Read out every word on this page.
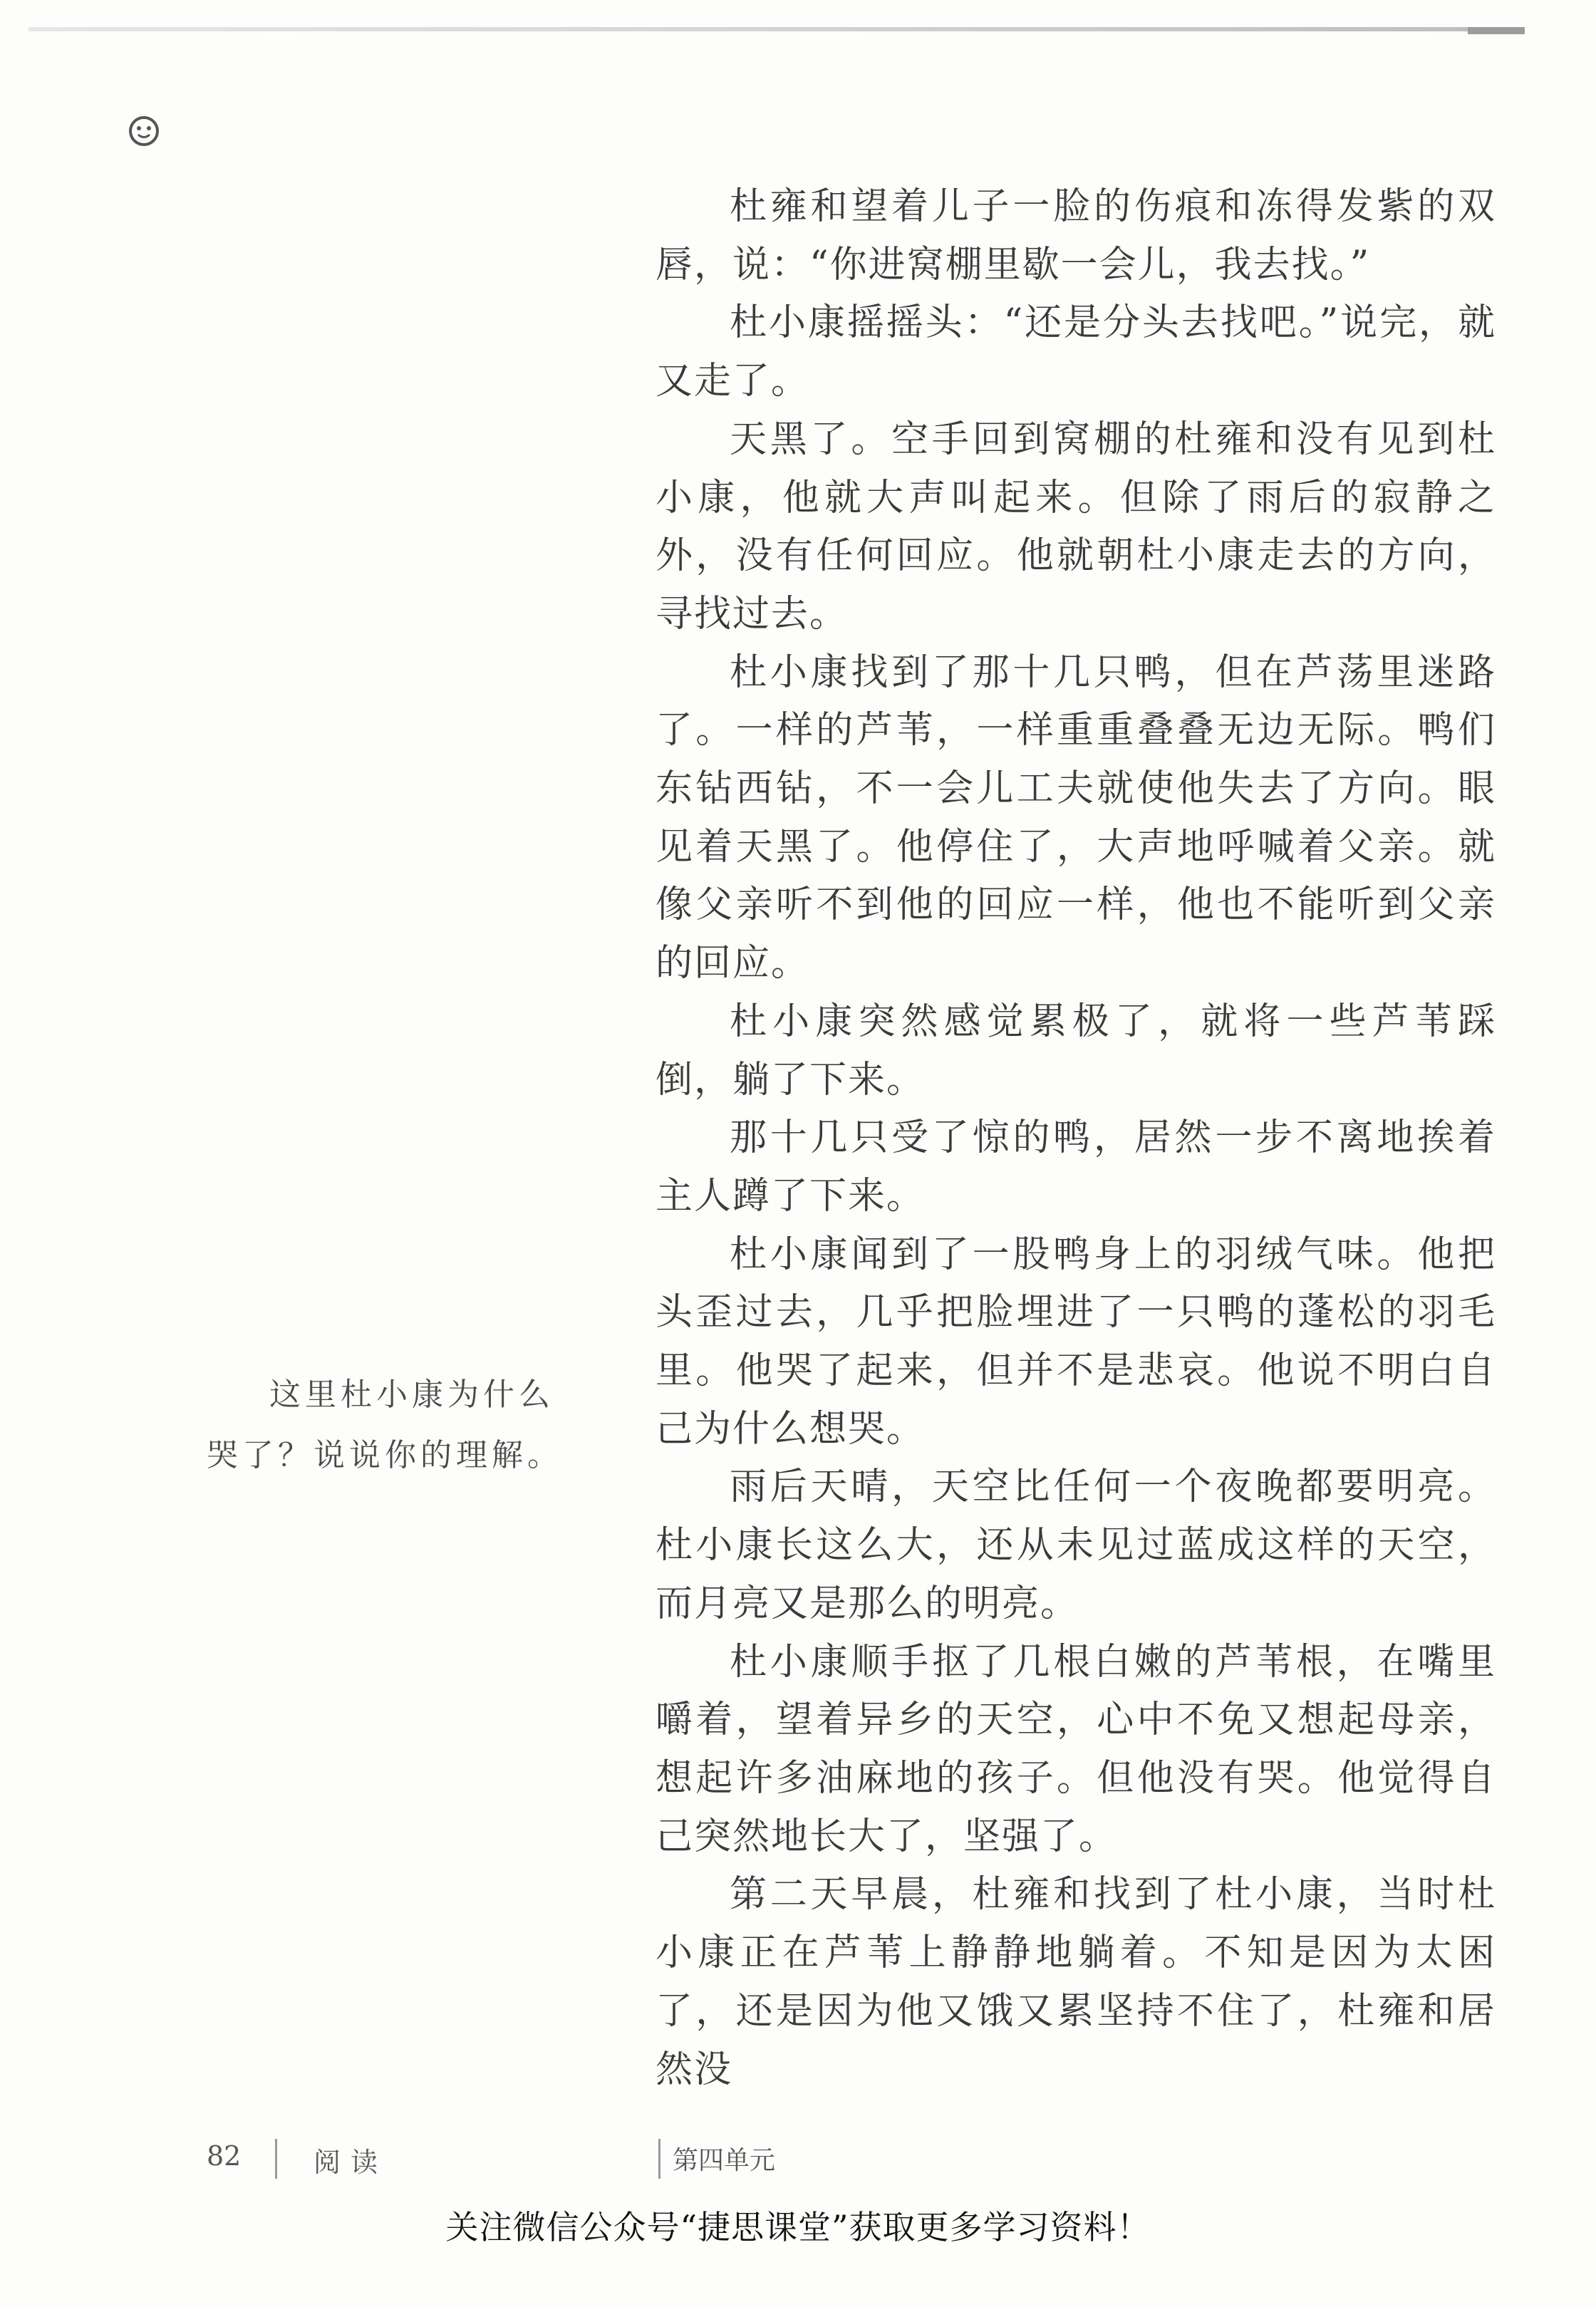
杜雍和望着儿子一脸的伤痕和冻得发紫的双唇，说：“你进窝棚里歇一会儿，我去找。”

杜小康摇摇头：“还是分头去找吧。”说完，就又走了。

天黑了。空手回到窝棚的杜雍和没有见到杜小康，他就大声叫起来。但除了雨后的寂静之外，没有任何回应。他就朝杜小康走去的方向，寻找过去。

杜小康找到了那十几只鸭，但在芦荡里迷路了。一样的芦苇，一样重重叠叠无边无际。鸭们东钻西钻，不一会儿工夫就使他失去了方向。眼见着天黑了。他停住了，大声地呼喊着父亲。就像父亲听不到他的回应一样，他也不能听到父亲的回应。

杜小康突然感觉累极了，就将一些芦苇踩倒，躺了下来。

那十几只受了惊的鸭，居然一步不离地挨着主人蹲了下来。

杜小康闻到了一股鸭身上的羽绒气味。他把头歪过去，几乎把脸埋进了一只鸭的蓬松的羽毛里。他哭了起来，但并不是悲哀。他说不明白自己为什么想哭。

雨后天晴，天空比任何一个夜晚都要明亮。杜小康长这么大，还从未见过蓝成这样的天空，而月亮又是那么的明亮。

杜小康顺手抠了几根白嫩的芦苇根，在嘴里嚼着，望着异乡的天空，心中不免又想起母亲，想起许多油麻地的孩子。但他没有哭。他觉得自己突然地长大了，坚强了。

第二天早晨，杜雍和找到了杜小康，当时杜小康正在芦苇上静静地躺着。不知是因为太困了，还是因为他又饿又累坚持不住了，杜雍和居然没

这里杜小康为什么哭了？说说你的理解。

82	阅读	第四单元
关注微信公众号“捷思课堂”获取更多学习资料！
